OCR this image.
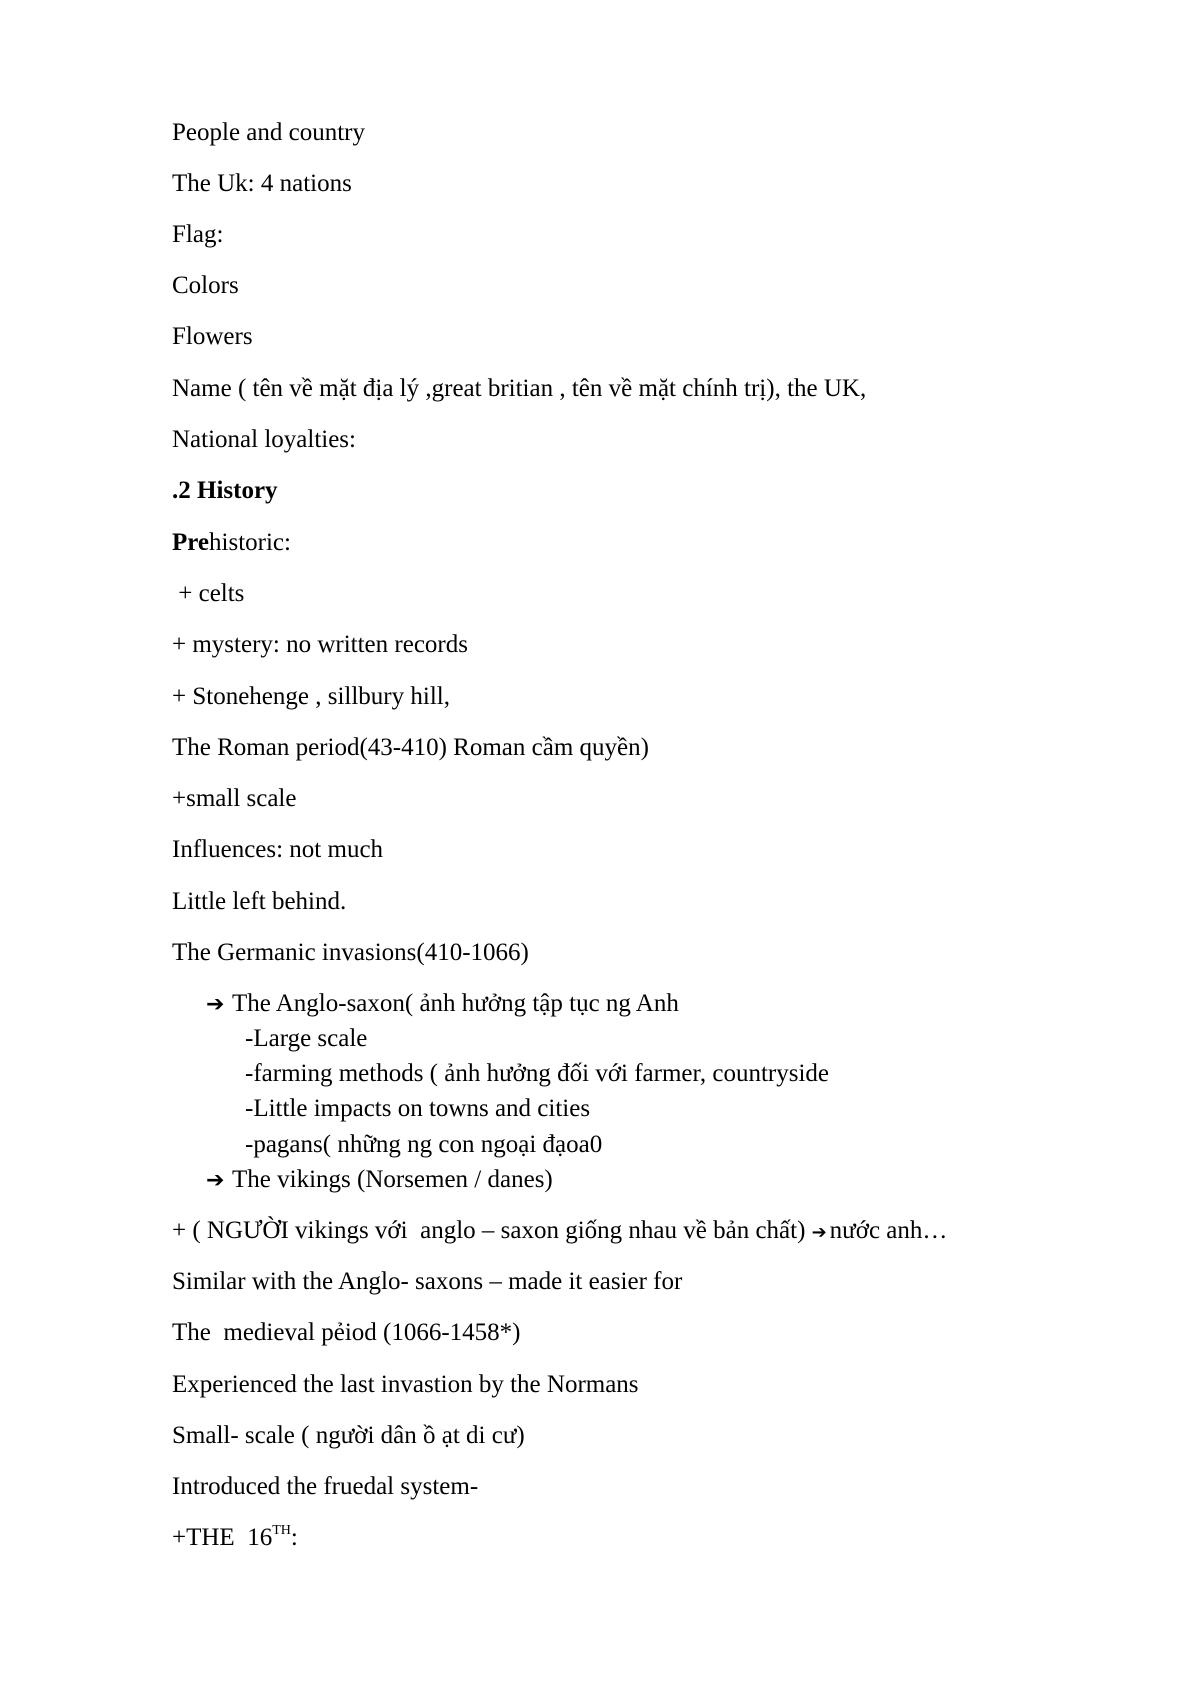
People and country
The Uk: 4 nations
Flag:
Colors
Flowers
Name ( tên về mặt địa lý ,great britian , tên về mặt chính trị), the UK,
National loyalties:
.2 History
Prehistoric:
+ celts
+ mystery: no written records
+ Stonehenge , sillbury hill,
The Roman period(43-410) Roman cầm quyền)
+small scale
Influences: not much
Little left behind.
The Germanic invasions(410-1066)
➔ The Anglo-saxon( ảnh hưởng tập tục ng Anh
-Large scale
-farming methods ( ảnh hưởng đối với farmer, countryside
-Little impacts on towns and cities
-pagans( những ng con ngoại đạoa0
➔ The vikings (Norsemen / danes)
+ ( NGƯỜI vikings với  anglo – saxon giống nhau về bản chất) ➔ nước anh…
Similar with the Anglo- saxons – made it easier for
The  medieval pẻiod (1066-1458*)
Experienced the last invastion by the Normans
Small- scale ( người dân ồ ạt di cư)
Introduced the fruedal system-
+THE  16TH:
